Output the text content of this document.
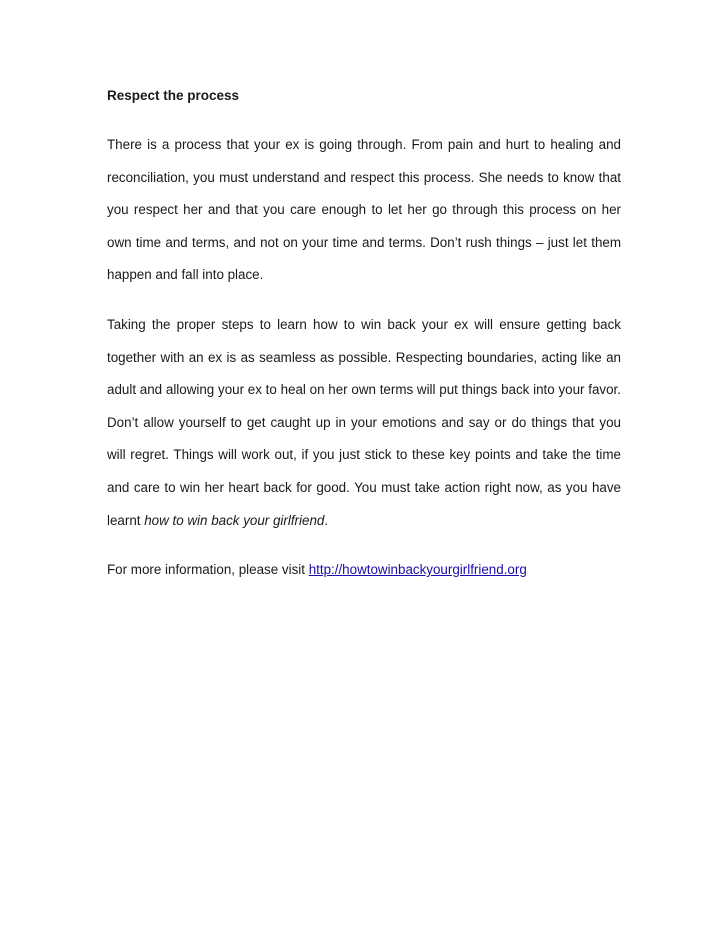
Respect the process

There is a process that your ex is going through. From pain and hurt to healing and reconciliation, you must understand and respect this process. She needs to know that you respect her and that you care enough to let her go through this process on her own time and terms, and not on your time and terms. Don’t rush things – just let them happen and fall into place.

Taking the proper steps to learn how to win back your ex will ensure getting back together with an ex is as seamless as possible. Respecting boundaries, acting like an adult and allowing your ex to heal on her own terms will put things back into your favor. Don’t allow yourself to get caught up in your emotions and say or do things that you will regret. Things will work out, if you just stick to these key points and take the time and care to win her heart back for good. You must take action right now, as you have learnt how to win back your girlfriend.

For more information, please visit http://howtowinbackyourgirlfriend.org
